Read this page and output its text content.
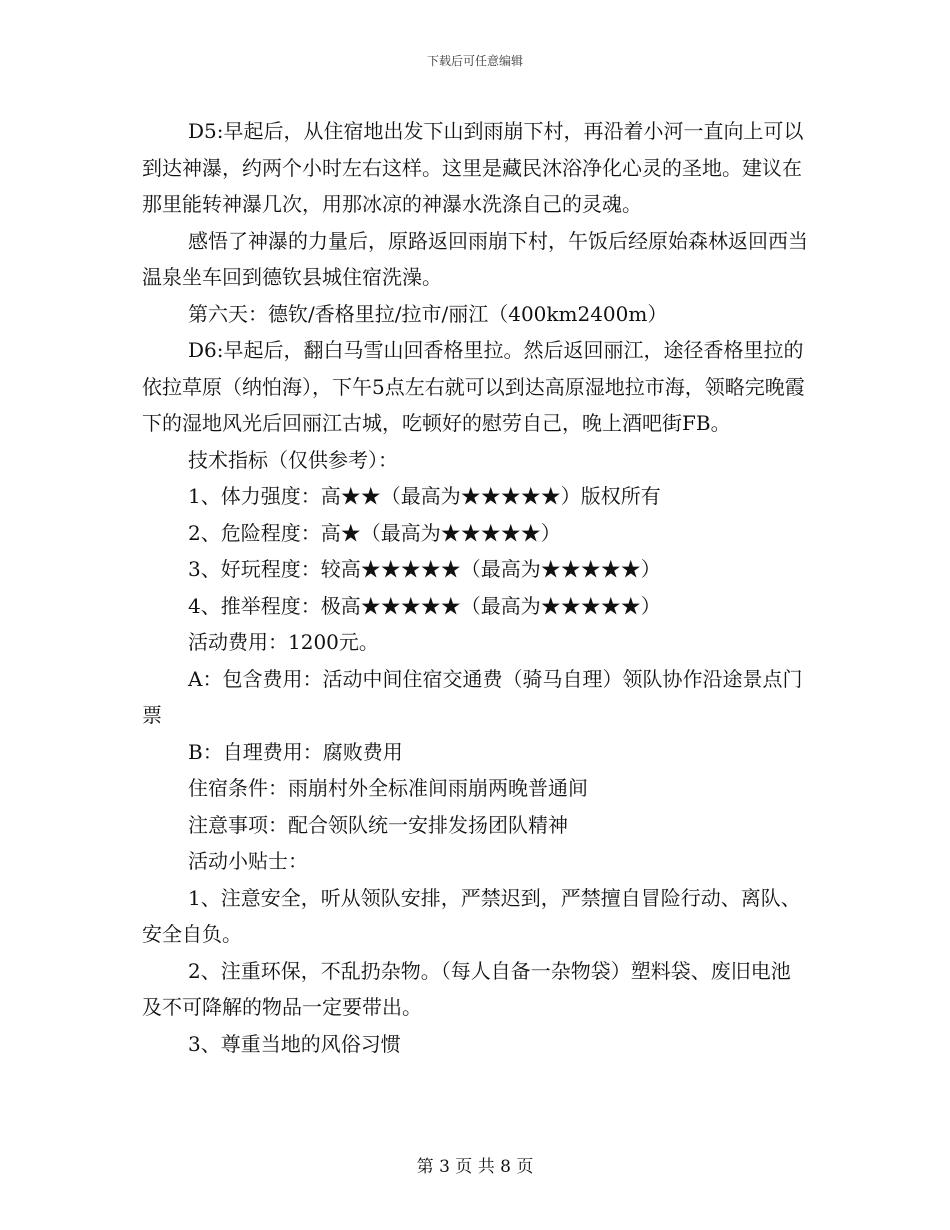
下载后可任意编辑

D5:早起后，从住宿地出发下山到雨崩下村，再沿着小河一直向上可以到达神瀑，约两个小时左右这样。这里是藏民沐浴净化心灵的圣地。建议在那里能转神瀑几次，用那冰凉的神瀑水洗涤自己的灵魂。

感悟了神瀑的力量后，原路返回雨崩下村，午饭后经原始森林返回西当温泉坐车回到德钦县城住宿洗澡。

第六天：德钦/香格里拉/拉市/丽江（400km2400m）

D6:早起后，翻白马雪山回香格里拉。然后返回丽江，途径香格里拉的依拉草原（纳怕海），下午5点左右就可以到达高原湿地拉市海，领略完晚霞下的湿地风光后回丽江古城，吃顿好的慰劳自己，晚上酒吧街FB。

技术指标（仅供参考）：

1、体力强度：高★★（最高为★★★★★）版权所有

2、危险程度：高★（最高为★★★★★）

3、好玩程度：较高★★★★★（最高为★★★★★）

4、推举程度：极高★★★★★（最高为★★★★★）

活动费用：1200元。

A：包含费用：活动中间住宿交通费（骑马自理）领队协作沿途景点门票

B：自理费用：腐败费用

住宿条件：雨崩村外全标准间雨崩两晚普通间

注意事项：配合领队统一安排发扬团队精神

活动小贴士：

1、注意安全，听从领队安排，严禁迟到，严禁擅自冒险行动、离队、安全自负。

2、注重环保，不乱扔杂物。（每人自备一杂物袋）塑料袋、废旧电池及不可降解的物品一定要带出。

3、尊重当地的风俗习惯

第 3 页 共 8 页
